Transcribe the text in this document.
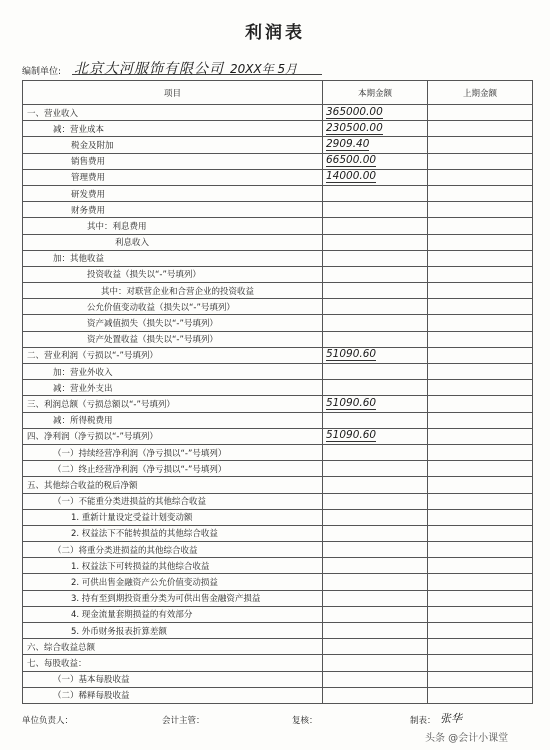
利润表
编制单位: 北京大河服饰有限公司 20XX年 5月
项目	本期金额	上期金额
一、营业收入	365000.00	
减：营业成本	230500.00	
税金及附加	2909.40	
销售费用	66500.00	
管理费用	14000.00	
研发费用		
财务费用		
其中：利息费用		
利息收入		
加：其他收益		
投资收益（损失以“-”号填列）		
其中：对联营企业和合营企业的投资收益		
公允价值变动收益（损失以“-”号填列）		
资产减值损失（损失以“-”号填列）		
资产处置收益（损失以“-”号填列）		
二、营业利润（亏损以“-”号填列）	51090.60	
加：营业外收入		
减：营业外支出		
三、利润总额（亏损总额以“-”号填列）	51090.60	
减：所得税费用		
四、净利润（净亏损以“-”号填列）	51090.60	
（一）持续经营净利润（净亏损以“-”号填列）		
（二）终止经营净利润（净亏损以“-”号填列）		
五、其他综合收益的税后净额		
（一）不能重分类进损益的其他综合收益		
1. 重新计量设定受益计划变动额		
2. 权益法下不能转损益的其他综合收益		
（二）将重分类进损益的其他综合收益		
1. 权益法下可转损益的其他综合收益		
2. 可供出售金融资产公允价值变动损益		
3. 持有至到期投资重分类为可供出售金融资产损益		
4. 现金流量套期损益的有效部分		
5. 外币财务报表折算差额		
六、综合收益总额		
七、每股收益：		
（一）基本每股收益		
（二）稀释每股收益		
单位负责人：	会计主管：	复核：	制表： 张华
头条 @会计小课堂
